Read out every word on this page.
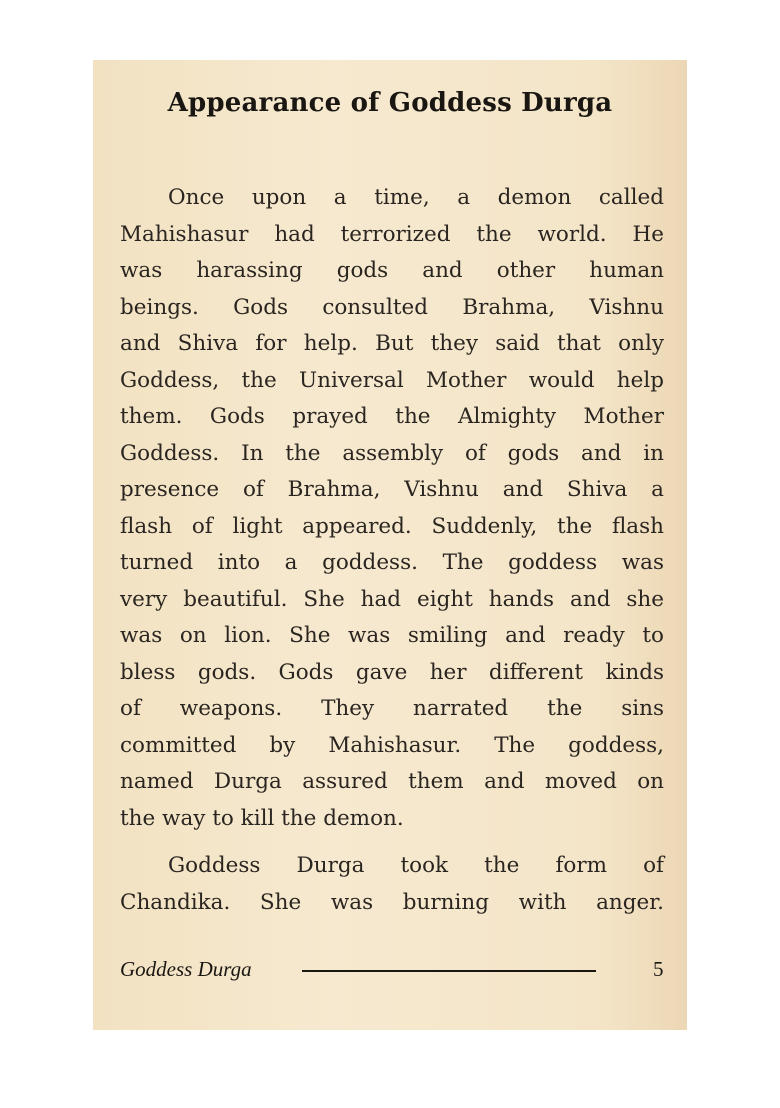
Appearance of Goddess Durga
Once upon a time, a demon called
Mahishasur had terrorized the world. He
was harassing gods and other human
beings. Gods consulted Brahma, Vishnu
and Shiva for help. But they said that only
Goddess, the Universal Mother would help
them. Gods prayed the Almighty Mother
Goddess. In the assembly of gods and in
presence of Brahma, Vishnu and Shiva a
flash of light appeared. Suddenly, the flash
turned into a goddess. The goddess was
very beautiful. She had eight hands and she
was on lion. She was smiling and ready to
bless gods. Gods gave her different kinds
of weapons. They narrated the sins
committed by Mahishasur. The goddess,
named Durga assured them and moved on
the way to kill the demon.
Goddess Durga took the form of
Chandika. She was burning with anger.
Goddess Durga	5
